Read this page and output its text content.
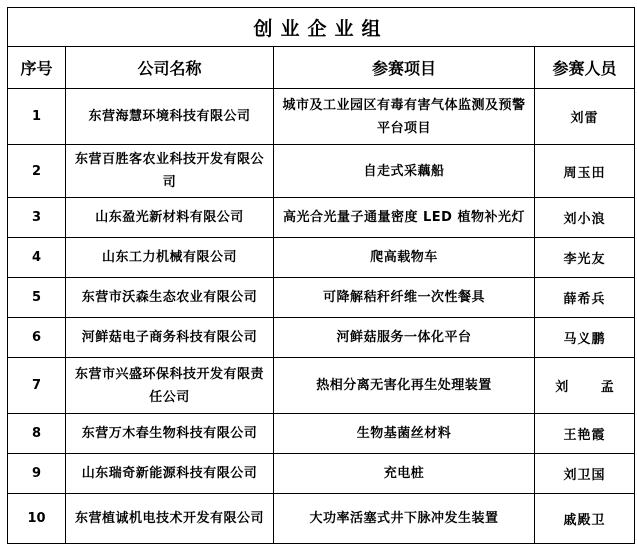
创业企业组			
序号	公司名称	参赛项目	参赛人员
1	东营海慧环境科技有限公司	城市及工业园区有毒有害气体监测及预警平台项目	刘雷
2	东营百胜客农业科技开发有限公司	自走式采藕船	周玉田
3	山东盈光新材料有限公司	高光合光量子通量密度 LED 植物补光灯	刘小浪
4	山东工力机械有限公司	爬高载物车	李光友
5	东营市沃森生态农业有限公司	可降解秸秆纤维一次性餐具	薛希兵
6	河鲜菇电子商务科技有限公司	河鲜菇服务一体化平台	马义鹏
7	东营市兴盛环保科技开发有限责任公司	热相分离无害化再生处理装置	刘 孟
8	东营万木春生物科技有限公司	生物基菌丝材料	王艳霞
9	山东瑞奇新能源科技有限公司	充电桩	刘卫国
10	东营植诚机电技术开发有限公司	大功率活塞式井下脉冲发生装置	戚殿卫
